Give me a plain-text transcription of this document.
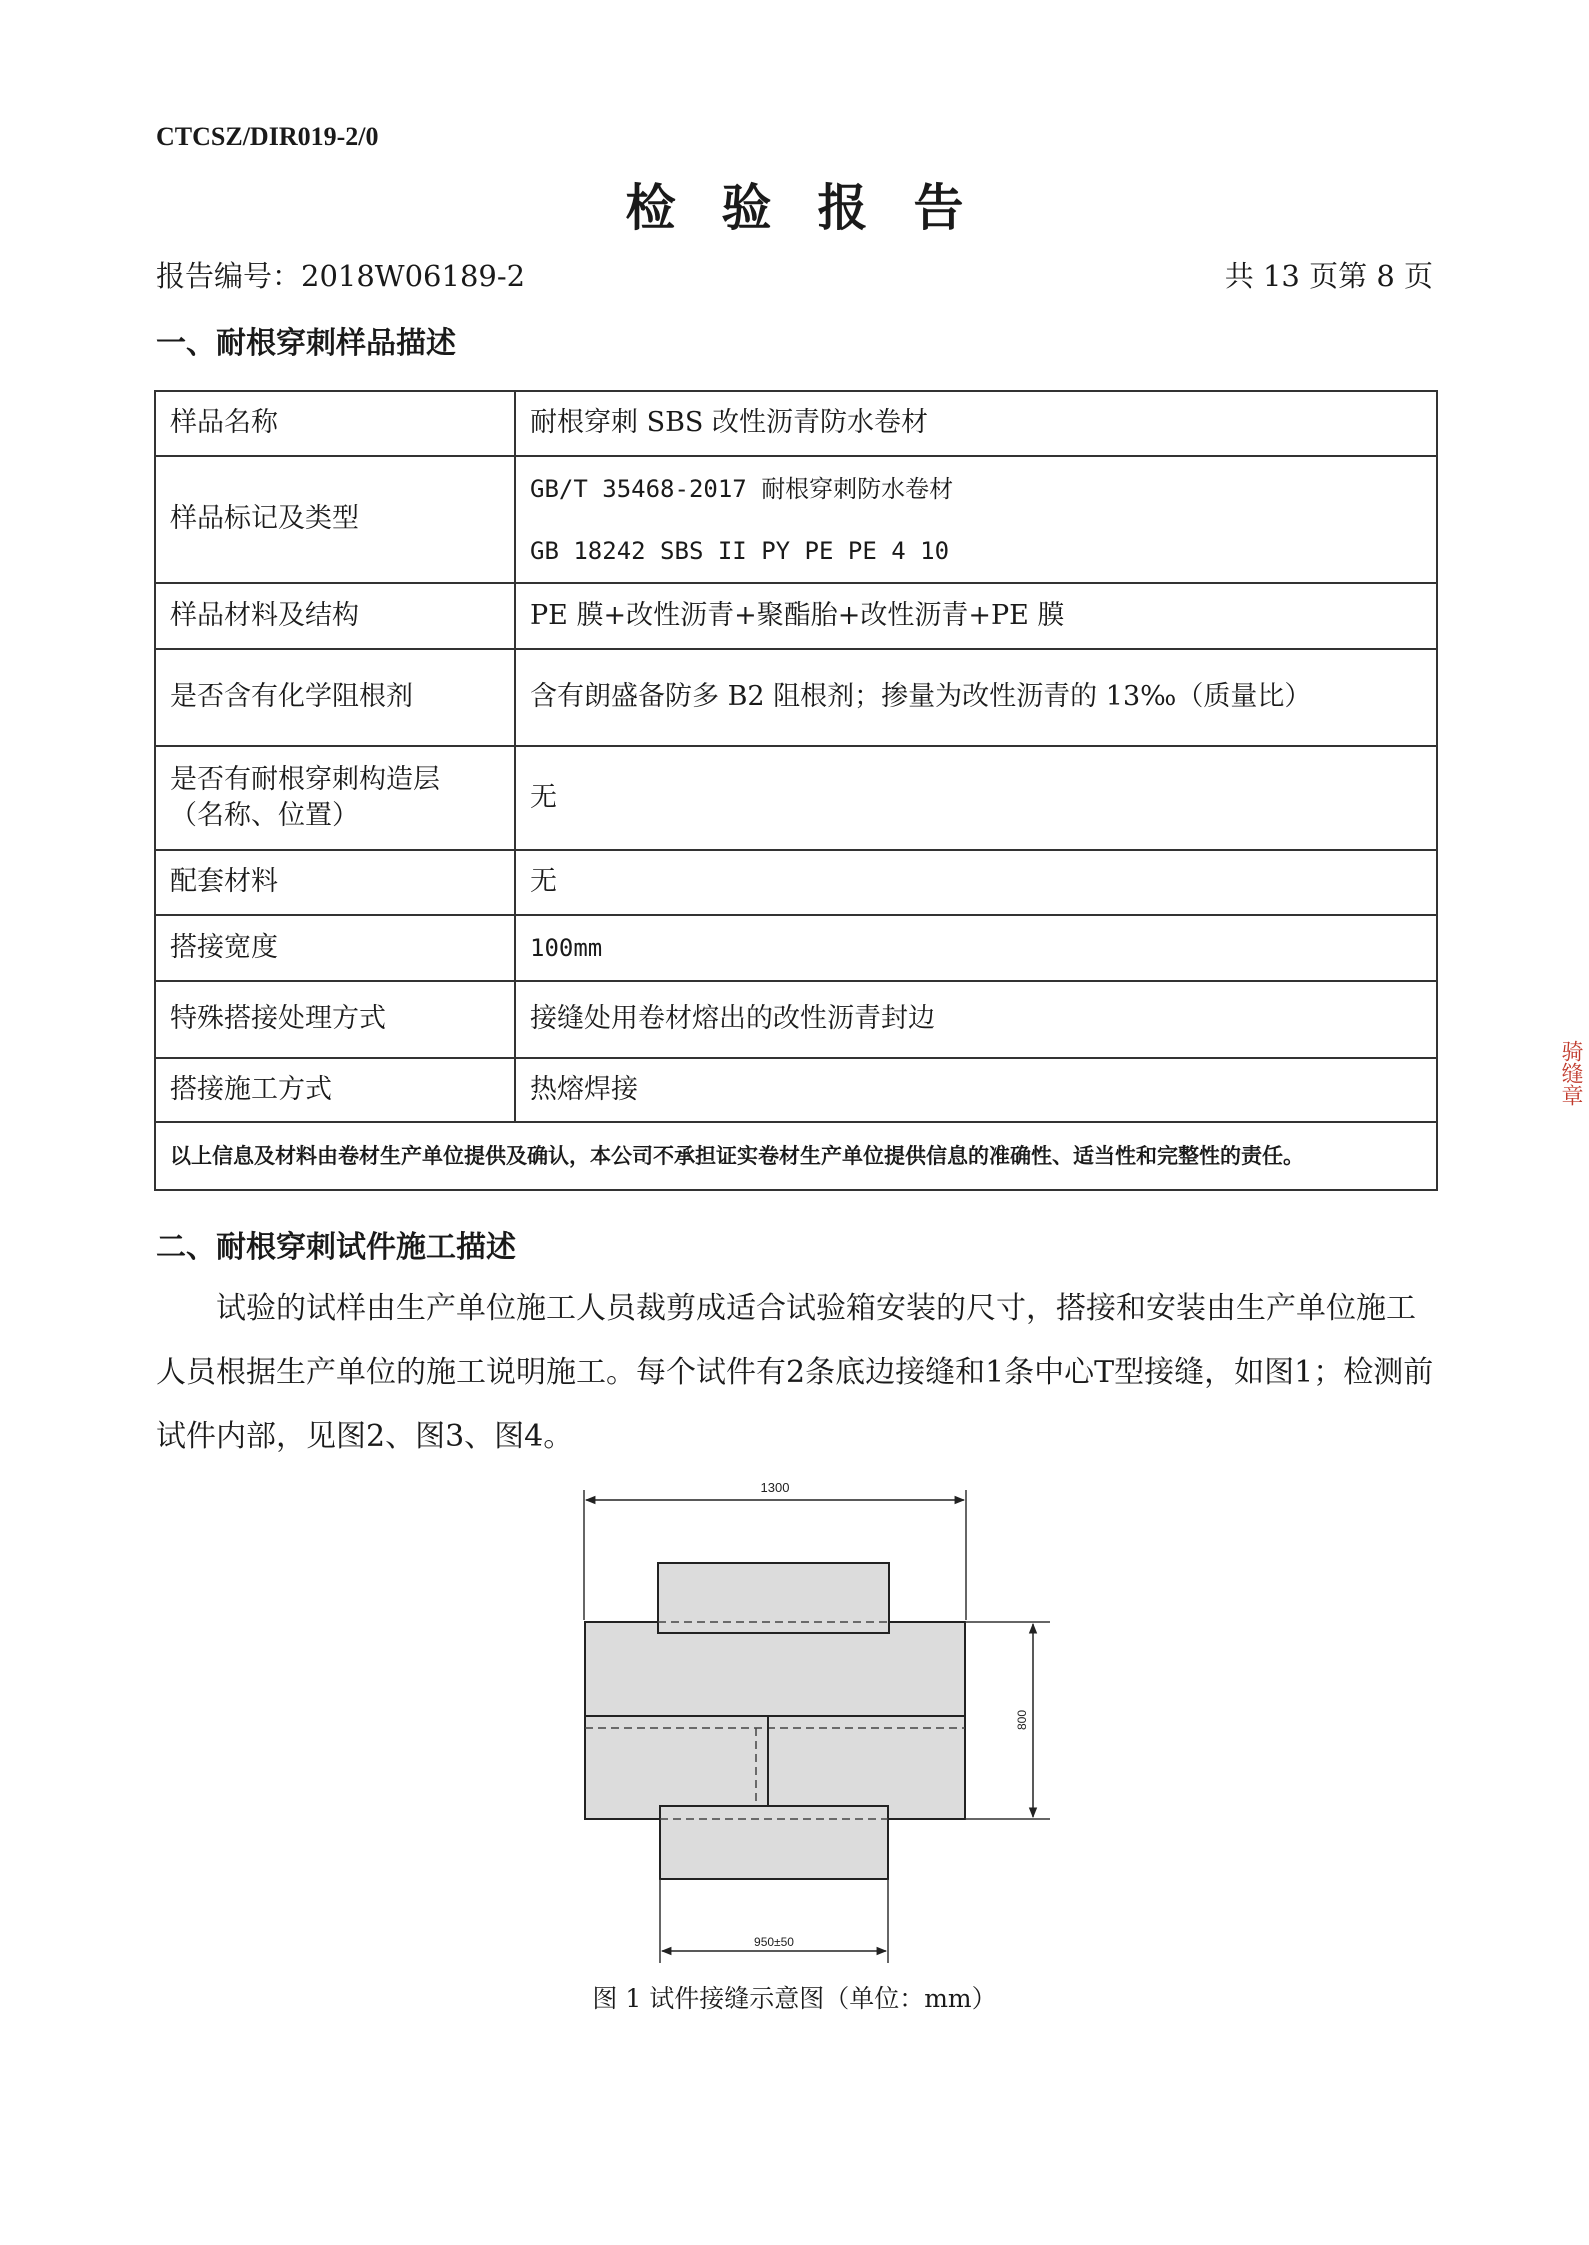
CTCSZ/DIR019-2/0
检验报告
报告编号：2018W06189-2	共 13 页第 8 页
一、耐根穿刺样品描述
样品名称	耐根穿刺 SBS 改性沥青防水卷材
样品标记及类型	GB/T 35468-2017 耐根穿刺防水卷材
GB 18242 SBS II PY PE PE 4 10

样品材料及结构	PE 膜+改性沥青+聚酯胎+改性沥青+PE 膜
是否含有化学阻根剂	含有朗盛备防多 B2 阻根剂；掺量为改性沥青的 13‰（质量比）

是否有耐根穿刺构造层
（名称、位置）	无
配套材料	无
搭接宽度	100mm
特殊搭接处理方式	接缝处用卷材熔出的改性沥青封边
搭接施工方式	热熔焊接
以上信息及材料由卷材生产单位提供及确认，本公司不承担证实卷材生产单位提供信息的准确性、适当性和完整性的责任。	
二、耐根穿刺试件施工描述
试验的试样由生产单位施工人员裁剪成适合试验箱安装的尺寸，搭接和安装由生产单位施工人员根据生产单位的施工说明施工。每个试件有2条底边接缝和1条中心T型接缝，如图1；检测前试件内部，见图2、图3、图4。
1300
800
950±50
图 1 试件接缝示意图（单位：mm）
骑缝章
